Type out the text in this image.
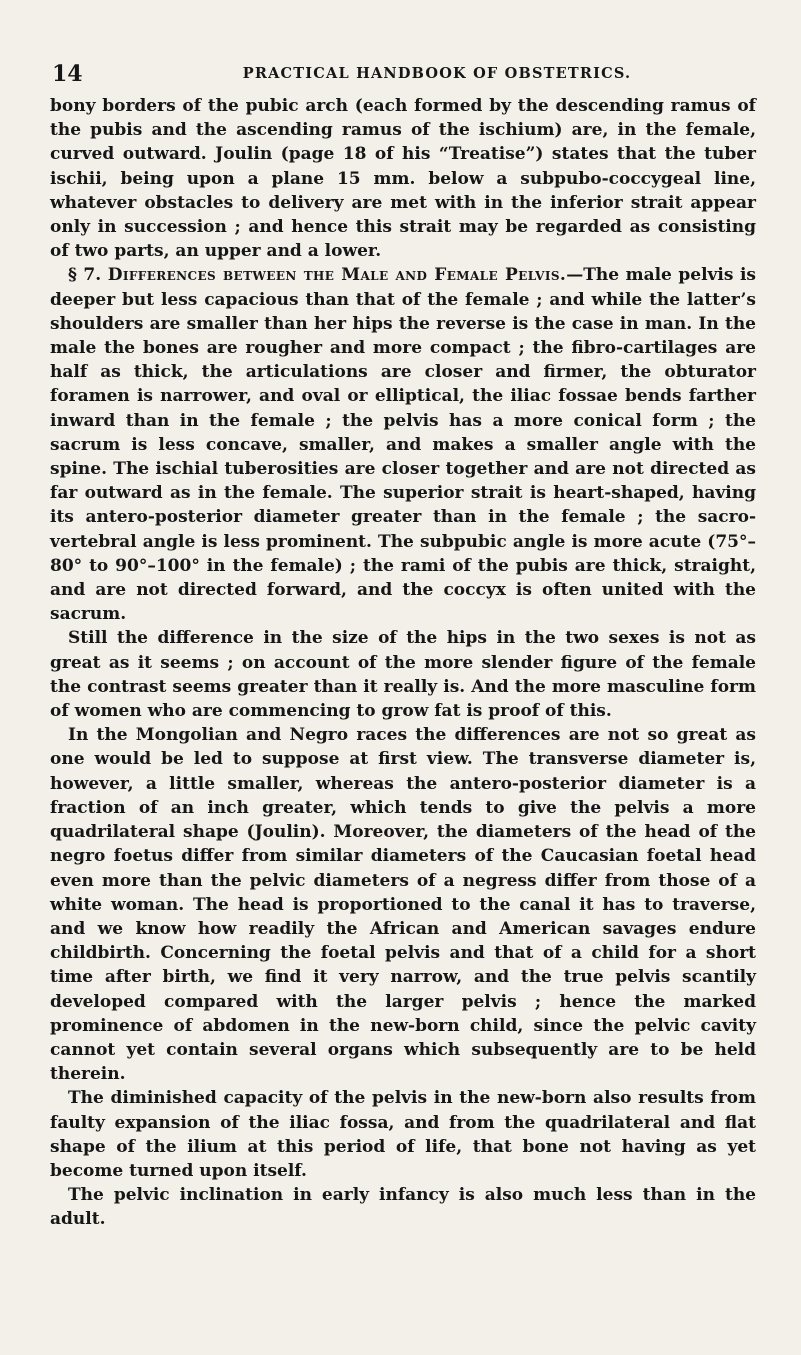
14	PRACTICAL HANDBOOK OF OBSTETRICS.

bony borders of the pubic arch (each formed by the descending ramus of the pubis and the ascending ramus of the ischium) are, in the female, curved outward. Joulin (page 18 of his “Treatise”) states that the tuber ischii, being upon a plane 15 mm. below a subpubo-coccygeal line, whatever obstacles to delivery are met with in the inferior strait appear only in succession ; and hence this strait may be regarded as consisting of two parts, an upper and a lower.

§ 7. Differences between the Male and Female Pelvis.—The male pelvis is deeper but less capacious than that of the female ; and while the latter’s shoulders are smaller than her hips the reverse is the case in man. In the male the bones are rougher and more compact ; the fibro-cartilages are half as thick, the articulations are closer and firmer, the obturator foramen is narrower, and oval or elliptical, the iliac fossae bends farther inward than in the female ; the pelvis has a more conical form ; the sacrum is less concave, smaller, and makes a smaller angle with the spine. The ischial tuberosities are closer together and are not directed as far outward as in the female. The superior strait is heart-shaped, having its antero-posterior diameter greater than in the female ; the sacro-vertebral angle is less prominent. The subpubic angle is more acute (75°–80° to 90°–100° in the female) ; the rami of the pubis are thick, straight, and are not directed forward, and the coccyx is often united with the sacrum.

Still the difference in the size of the hips in the two sexes is not as great as it seems ; on account of the more slender figure of the female the contrast seems greater than it really is. And the more masculine form of women who are commencing to grow fat is proof of this.

In the Mongolian and Negro races the differences are not so great as one would be led to suppose at first view. The transverse diameter is, however, a little smaller, whereas the antero-posterior diameter is a fraction of an inch greater, which tends to give the pelvis a more quadrilateral shape (Joulin). Moreover, the diameters of the head of the negro foetus differ from similar diameters of the Caucasian foetal head even more than the pelvic diameters of a negress differ from those of a white woman. The head is proportioned to the canal it has to traverse, and we know how readily the African and American savages endure childbirth. Concerning the foetal pelvis and that of a child for a short time after birth, we find it very narrow, and the true pelvis scantily developed compared with the larger pelvis ; hence the marked prominence of abdomen in the new-born child, since the pelvic cavity cannot yet contain several organs which subsequently are to be held therein.

The diminished capacity of the pelvis in the new-born also results from faulty expansion of the iliac fossa, and from the quadrilateral and flat shape of the ilium at this period of life, that bone not having as yet become turned upon itself.

The pelvic inclination in early infancy is also much less than in the adult.
